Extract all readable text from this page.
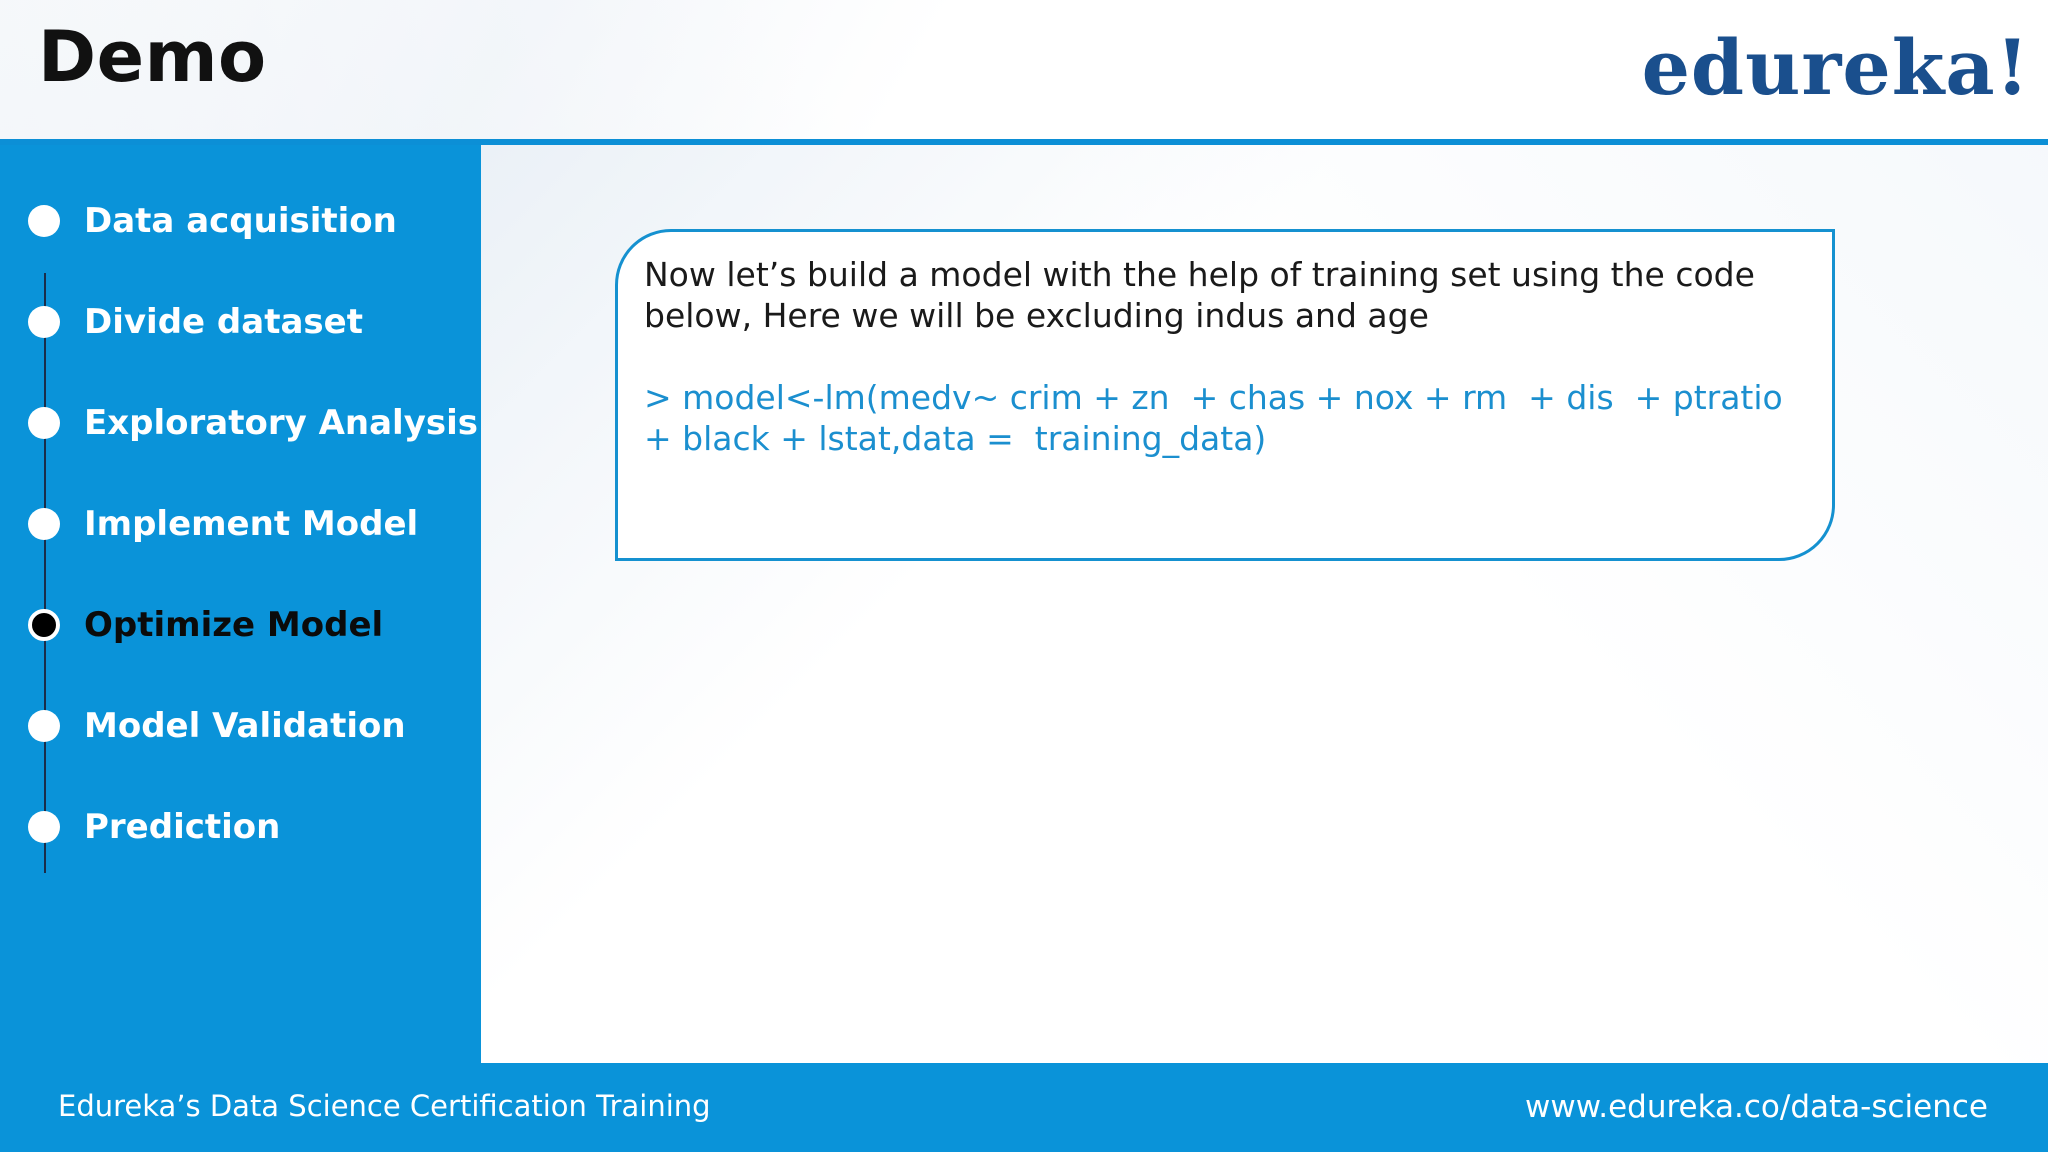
Demo	edureka!
Data acquisition
Divide dataset
Exploratory Analysis
Implement Model
Optimize Model
Model Validation
Prediction

Now let’s build a model with the help of training set using the code below, Here we will be excluding indus and age

> model<-lm(medv~ crim + zn  + chas + nox + rm  + dis  + ptratio + black + lstat,data =  training_data)

Edureka’s Data Science Certification Training	www.edureka.co/data-science
